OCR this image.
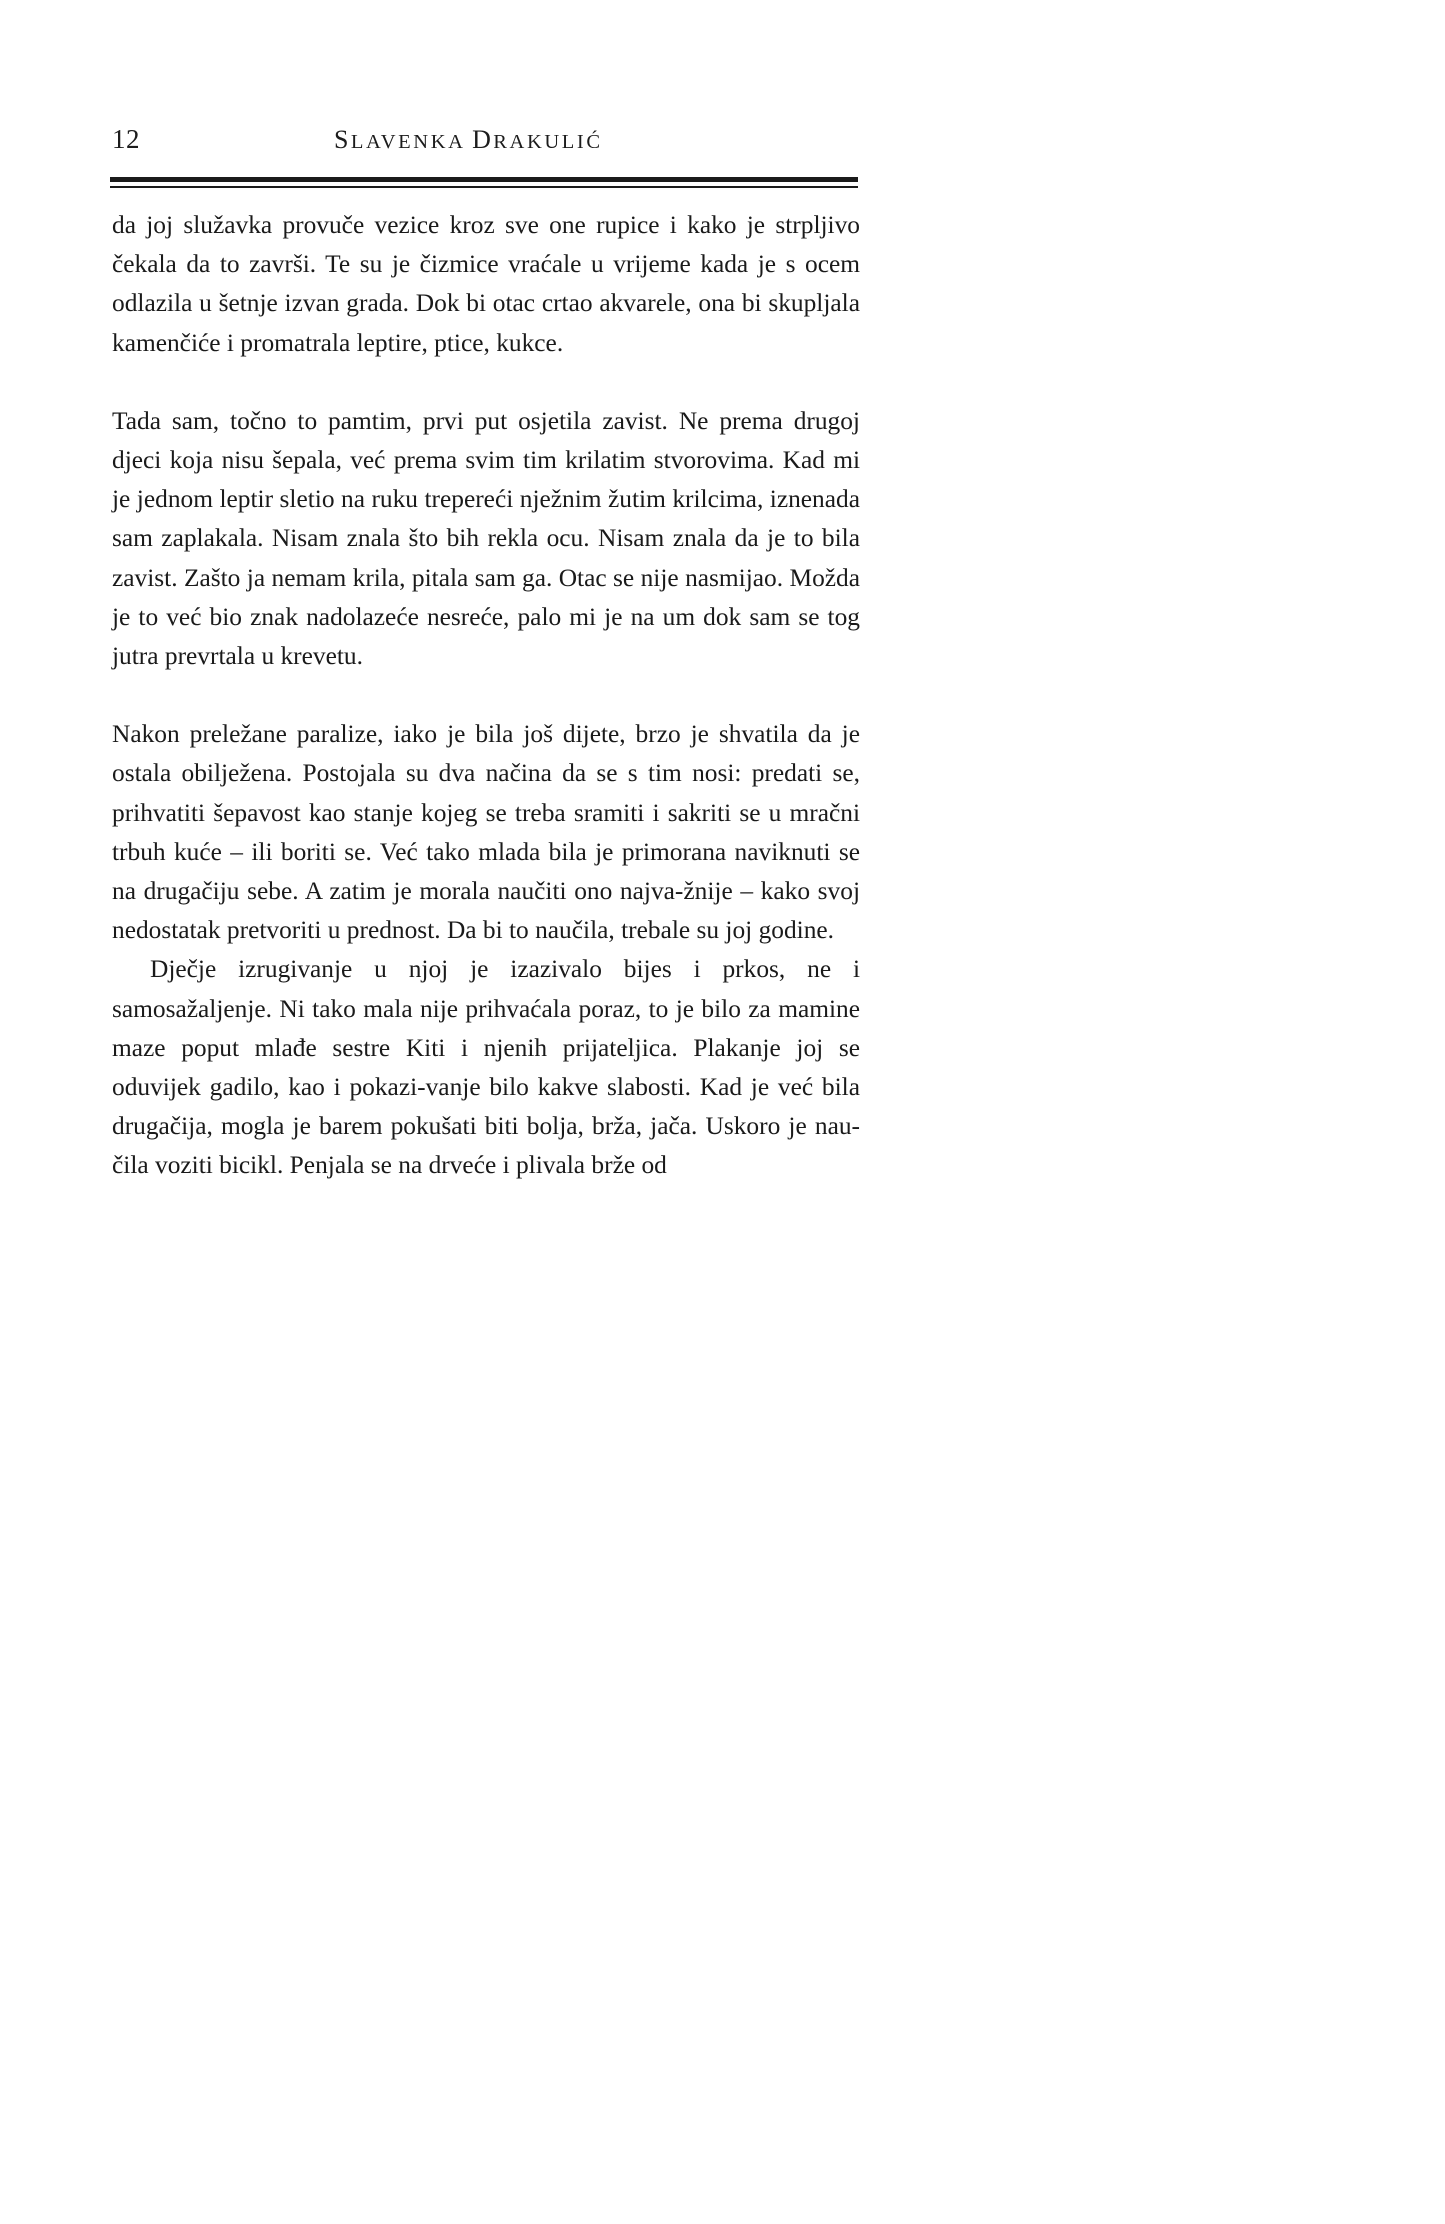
12	SLAVENKA DRAKULIĆ

da joj služavka provuče vezice kroz sve one rupice i kako je strpljivo čekala da to završi. Te su je čizmice vraćale u vrijeme kada je s ocem odlazila u šetnje izvan grada. Dok bi otac crtao akvarele, ona bi skupljala kamenčiće i promatrala leptire, ptice, kukce.

Tada sam, točno to pamtim, prvi put osjetila zavist. Ne prema drugoj djeci koja nisu šepala, već prema svim tim krilatim stvorovima. Kad mi je jednom leptir sletio na ruku trepereći nježnim žutim krilcima, iznenada sam zaplakala. Nisam znala što bih rekla ocu. Nisam znala da je to bila zavist. Zašto ja nemam krila, pitala sam ga. Otac se nije nasmijao. Možda je to već bio znak nadolazeće nesreće, palo mi je na um dok sam se tog jutra prevrtala u krevetu.

Nakon preležane paralize, iako je bila još dijete, brzo je shvatila da je ostala obilježena. Postojala su dva načina da se s tim nosi: predati se, prihvatiti šepavost kao stanje kojeg se treba sramiti i sakriti se u mračni trbuh kuće – ili boriti se. Već tako mlada bila je primorana naviknuti se na drugačiju sebe. A zatim je morala naučiti ono najva-žnije – kako svoj nedostatak pretvoriti u prednost. Da bi to naučila, trebale su joj godine.

Dječje izrugivanje u njoj je izazivalo bijes i prkos, ne i samosažaljenje. Ni tako mala nije prihvaćala poraz, to je bilo za mamine maze poput mlađe sestre Kiti i njenih prijateljica. Plakanje joj se oduvijek gadilo, kao i pokazi-vanje bilo kakve slabosti. Kad je već bila drugačija, mogla je barem pokušati biti bolja, brža, jača. Uskoro je nau-čila voziti bicikl. Penjala se na drveće i plivala brže od
